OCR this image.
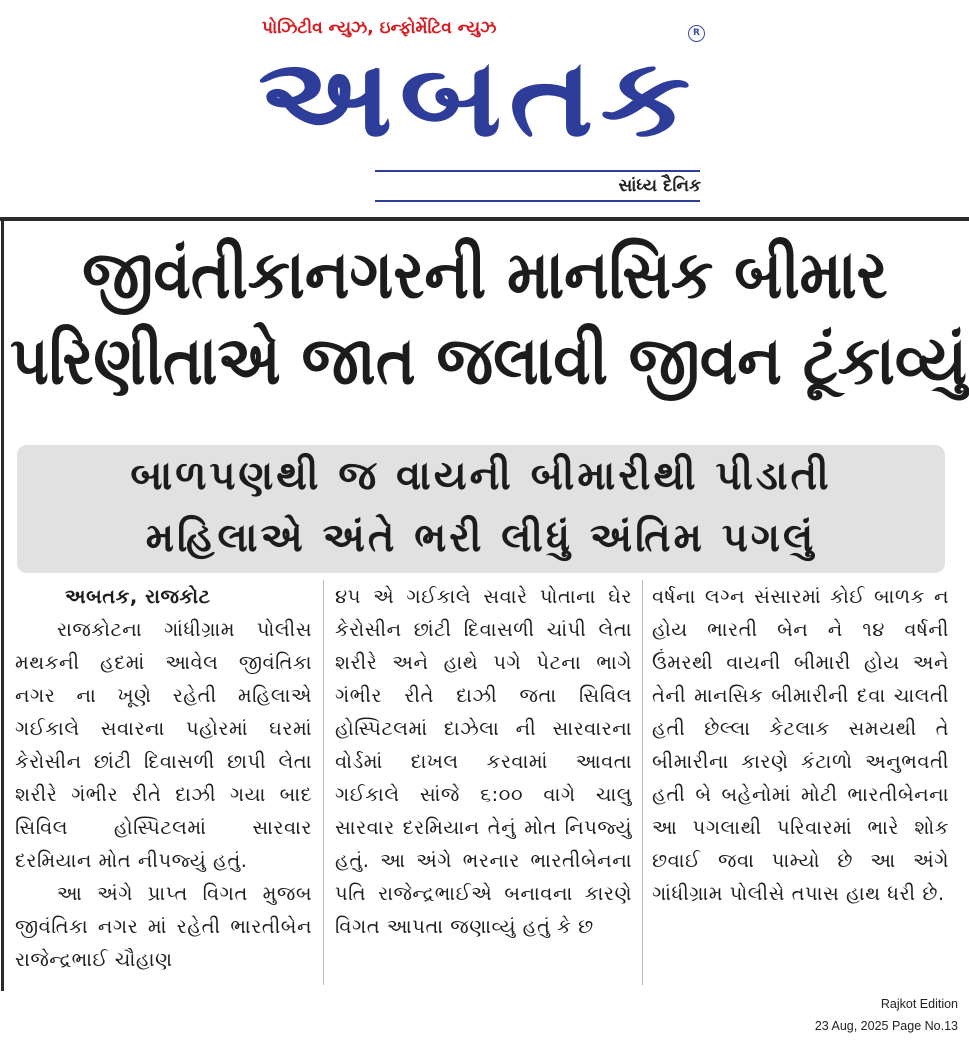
પોઝિટીવ ન્યુઝ, ઇન્ફોર્મેટિવ ન્યુઝ	R
અબતક
સાંધ્ય દૈનિક
જીવંતીકાનગરની માનસિક બીમાર
પરિણીતાએ જાત જલાવી જીવન ટૂંકાવ્યું
બાળપણથી જ વાયની બીમારીથી પીડાતી
મહિલાએ અંતે ભરી લીધું અંતિમ પગલું
અબતક, રાજકોટ
રાજકોટના ગાંધીગ્રામ પોલીસ મથકની હદમાં આવેલ જીવંતિકા નગર ના ખૂણે રહેતી મહિલાએ ગઈકાલે સવારના પહોરમાં ઘરમાં કેરોસીન છાંટી દિવાસળી છાપી લેતા શરીરે ગંભીર રીતે દાઝી ગયા બાદ સિવિલ હોસ્પિટલમાં સારવાર દરમિયાન મોત નીપજ્યું હતું.
આ અંગે પ્રાપ્ત વિગત મુજબ જીવંતિકા નગર માં રહેતી ભારતીબેન રાજેન્દ્રભાઈ ચૌહાણ
૪૫ એ ગઈકાલે સવારે પોતાના ઘેર કેરોસીન છાંટી દિવાસળી ચાંપી લેતા શરીરે અને હાથે પગે પેટના ભાગે ગંભીર રીતે દાઝી જતા સિવિલ હોસ્પિટલમાં દાઝેલા ની સારવારના વોર્ડમાં દાખલ કરવામાં આવતા ગઈકાલે સાંજે ૬:૦૦ વાગે ચાલુ સારવાર દરમિયાન તેનું મોત નિપજ્યું હતું. આ અંગે ભરનાર ભારતીબેનના પતિ રાજેન્દ્રભાઈએ બનાવના કારણે વિગત આપતા જણાવ્યું હતું કે છ
વર્ષના લગ્ન સંસારમાં કોઈ બાળક ન હોય ભારતી બેન ને ૧૪ વર્ષની ઉંમરથી વાયની બીમારી હોય અને તેની માનસિક બીમારીની દવા ચાલતી હતી છેલ્લા કેટલાક સમયથી તે બીમારીના કારણે કંટાળો અનુભવતી હતી બે બહેનોમાં મોટી ભારતીબેનના આ પગલાથી પરિવારમાં ભારે શોક છવાઈ જવા પામ્યો છે આ અંગે ગાંધીગ્રામ પોલીસે તપાસ હાથ ધરી છે.
Rajkot Edition
23 Aug, 2025 Page No.13
